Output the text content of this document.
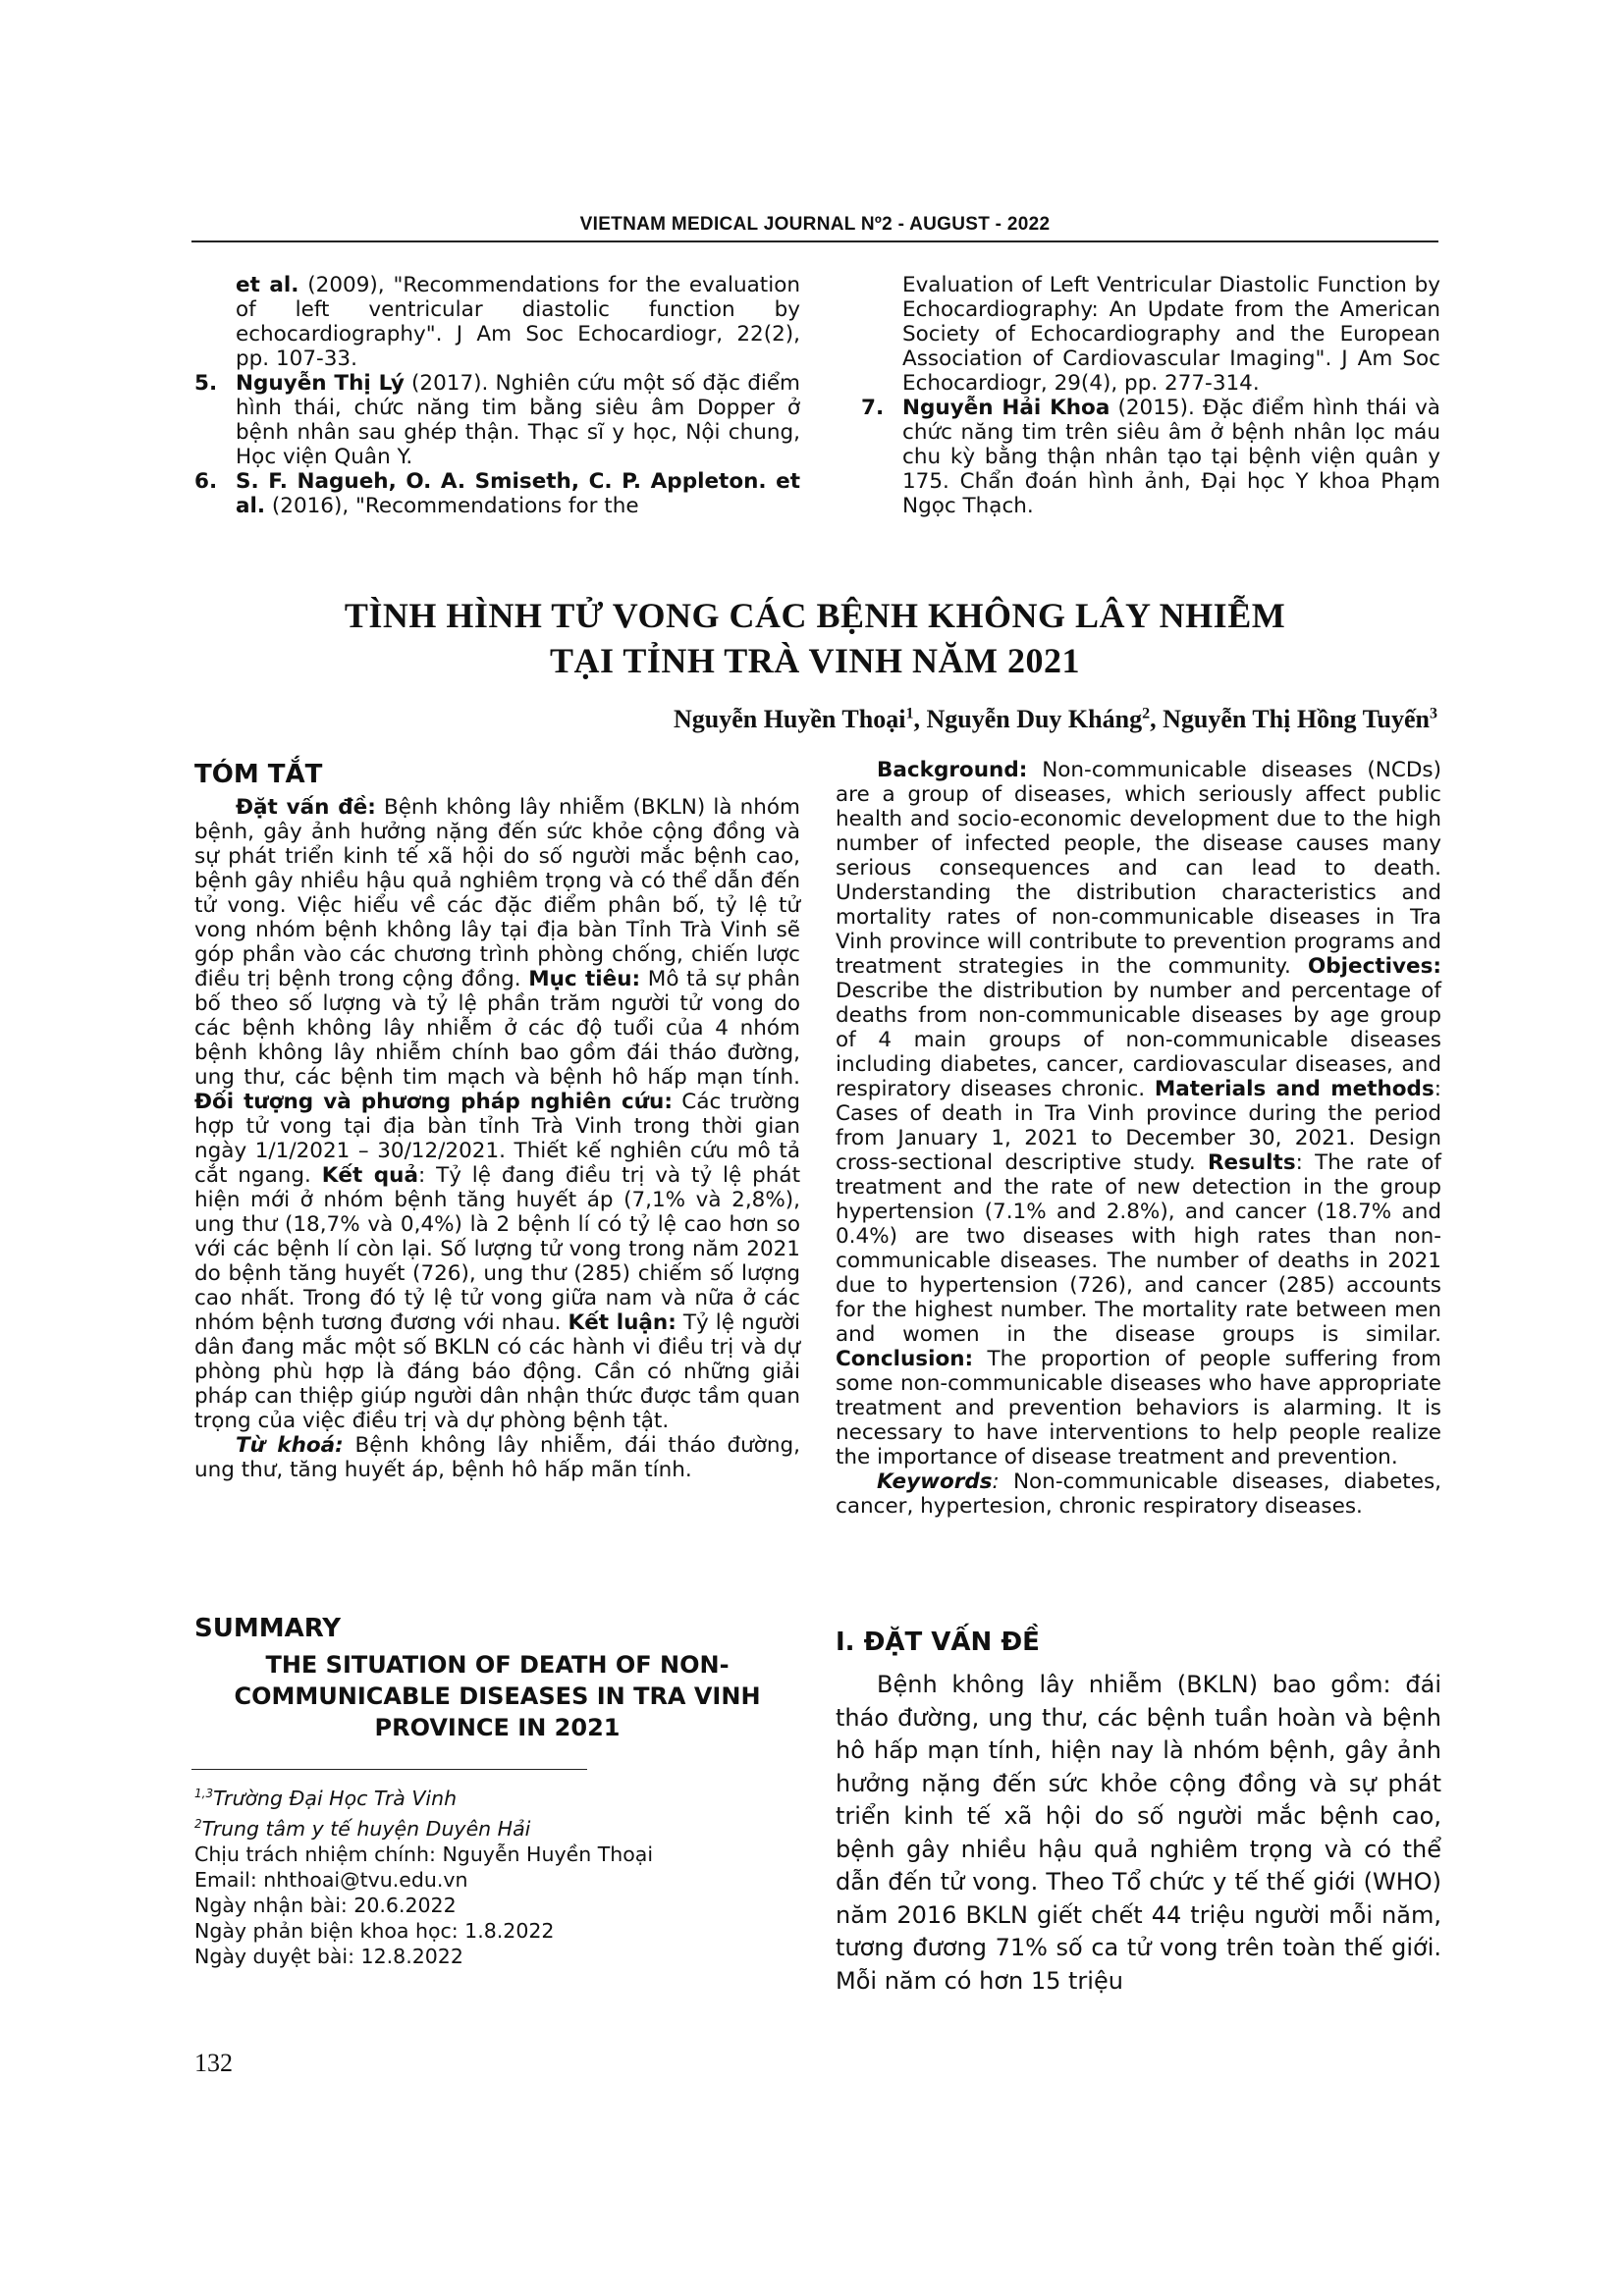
VIETNAM MEDICAL JOURNAL Nº2 - AUGUST - 2022

et al. (2009), "Recommendations for the evaluation of left ventricular diastolic function by echocardiography". J Am Soc Echocardiogr, 22(2), pp. 107-33.

5. Nguyễn Thị Lý (2017). Nghiên cứu một số đặc điểm hình thái, chức năng tim bằng siêu âm Dopper ở bệnh nhân sau ghép thận. Thạc sĩ y học, Nội chung, Học viện Quân Y.

6. S. F. Nagueh, O. A. Smiseth, C. P. Appleton. et al. (2016), "Recommendations for the

Evaluation of Left Ventricular Diastolic Function by Echocardiography: An Update from the American Society of Echocardiography and the European Association of Cardiovascular Imaging". J Am Soc Echocardiogr, 29(4), pp. 277-314.

7. Nguyễn Hải Khoa (2015). Đặc điểm hình thái và chức năng tim trên siêu âm ở bệnh nhân lọc máu chu kỳ bằng thận nhân tạo tại bệnh viện quân y 175. Chẩn đoán hình ảnh, Đại học Y khoa Phạm Ngọc Thạch.

TÌNH HÌNH TỬ VONG CÁC BỆNH KHÔNG LÂY NHIỄM
TẠI TỈNH TRÀ VINH NĂM 2021
Nguyễn Huyền Thoại$^1$, Nguyễn Duy Kháng$^2$, Nguyễn Thị Hồng Tuyến$^3$
TÓM TẮT

Đặt vấn đề: Bệnh không lây nhiễm (BKLN) là nhóm bệnh, gây ảnh hưởng nặng đến sức khỏe cộng đồng và sự phát triển kinh tế xã hội do số người mắc bệnh cao, bệnh gây nhiều hậu quả nghiêm trọng và có thể dẫn đến tử vong. Việc hiểu về các đặc điểm phân bố, tỷ lệ tử vong nhóm bệnh không lây tại địa bàn Tỉnh Trà Vinh sẽ góp phần vào các chương trình phòng chống, chiến lược điều trị bệnh trong cộng đồng. Mục tiêu: Mô tả sự phân bố theo số lượng và tỷ lệ phần trăm người tử vong do các bệnh không lây nhiễm ở các độ tuổi của 4 nhóm bệnh không lây nhiễm chính bao gồm đái tháo đường, ung thư, các bệnh tim mạch và bệnh hô hấp mạn tính. Đối tượng và phương pháp nghiên cứu: Các trường hợp tử vong tại địa bàn tỉnh Trà Vinh trong thời gian ngày 1/1/2021 – 30/12/2021. Thiết kế nghiên cứu mô tả cắt ngang. Kết quả: Tỷ lệ đang điều trị và tỷ lệ phát hiện mới ở nhóm bệnh tăng huyết áp (7,1% và 2,8%), ung thư (18,7% và 0,4%) là 2 bệnh lí có tỷ lệ cao hơn so với các bệnh lí còn lại. Số lượng tử vong trong năm 2021 do bệnh tăng huyết (726), ung thư (285) chiếm số lượng cao nhất. Trong đó tỷ lệ tử vong giữa nam và nữa ở các nhóm bệnh tương đương với nhau. Kết luận: Tỷ lệ người dân đang mắc một số BKLN có các hành vi điều trị và dự phòng phù hợp là đáng báo động. Cần có những giải pháp can thiệp giúp người dân nhận thức được tầm quan trọng của việc điều trị và dự phòng bệnh tật.

Từ khoá: Bệnh không lây nhiễm, đái tháo đường, ung thư, tăng huyết áp, bệnh hô hấp mãn tính.

SUMMARY
THE SITUATION OF DEATH OF NON-
COMMUNICABLE DISEASES IN TRA VINH
PROVINCE IN 2021
$^{1,3}$Trường Đại Học Trà Vinh
$^2$Trung tâm y tế huyện Duyên Hải
Chịu trách nhiệm chính: Nguyễn Huyền Thoại
Email: nhthoai@tvu.edu.vn
Ngày nhận bài: 20.6.2022
Ngày phản biện khoa học: 1.8.2022
Ngày duyệt bài: 12.8.2022

Background: Non-communicable diseases (NCDs) are a group of diseases, which seriously affect public health and socio-economic development due to the high number of infected people, the disease causes many serious consequences and can lead to death. Understanding the distribution characteristics and mortality rates of non-communicable diseases in Tra Vinh province will contribute to prevention programs and treatment strategies in the community. Objectives: Describe the distribution by number and percentage of deaths from non-communicable diseases by age group of 4 main groups of non-communicable diseases including diabetes, cancer, cardiovascular diseases, and respiratory diseases chronic. Materials and methods: Cases of death in Tra Vinh province during the period from January 1, 2021 to December 30, 2021. Design cross-sectional descriptive study. Results: The rate of treatment and the rate of new detection in the group hypertension (7.1% and 2.8%), and cancer (18.7% and 0.4%) are two diseases with high rates than non-communicable diseases. The number of deaths in 2021 due to hypertension (726), and cancer (285) accounts for the highest number. The mortality rate between men and women in the disease groups is similar. Conclusion: The proportion of people suffering from some non-communicable diseases who have appropriate treatment and prevention behaviors is alarming. It is necessary to have interventions to help people realize the importance of disease treatment and prevention.

Keywords: Non-communicable diseases, diabetes, cancer, hypertesion, chronic respiratory diseases.

I. ĐẶT VẤN ĐỀ

Bệnh không lây nhiễm (BKLN) bao gồm: đái tháo đường, ung thư, các bệnh tuần hoàn và bệnh hô hấp mạn tính, hiện nay là nhóm bệnh, gây ảnh hưởng nặng đến sức khỏe cộng đồng và sự phát triển kinh tế xã hội do số người mắc bệnh cao, bệnh gây nhiều hậu quả nghiêm trọng và có thể dẫn đến tử vong. Theo Tổ chức y tế thế giới (WHO) năm 2016 BKLN giết chết 44 triệu người mỗi năm, tương đương 71% số ca tử vong trên toàn thế giới. Mỗi năm có hơn 15 triệu

132
